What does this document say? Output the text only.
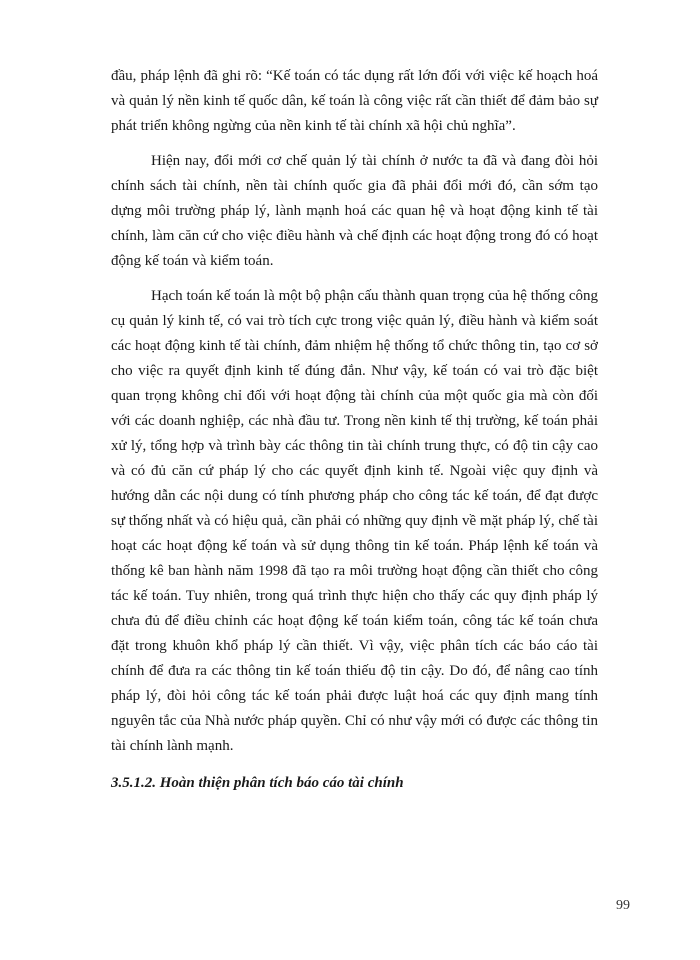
đầu, pháp lệnh đã ghi rõ: “Kế toán có tác dụng rất lớn đối với việc kế hoạch hoá và quản lý nền kinh tế quốc dân, kế toán là công việc rất cần thiết để đảm bảo sự phát triển không ngừng của nền kinh tế tài chính xã hội chủ nghĩa”.

Hiện nay, đổi mới cơ chế quản lý tài chính ở nước ta đã và đang đòi hỏi chính sách tài chính, nền tài chính quốc gia đã phải đổi mới đó, cần sớm tạo dựng môi trường pháp lý, lành mạnh hoá các quan hệ và hoạt động kinh tế tài chính, làm căn cứ cho việc điều hành và chế định các hoạt động trong đó có hoạt động kế toán và kiểm toán.

Hạch toán kế toán là một bộ phận cấu thành quan trọng của hệ thống công cụ quản lý kinh tế, có vai trò tích cực trong việc quản lý, điều hành và kiểm soát các hoạt động kinh tế tài chính, đảm nhiệm hệ thống tổ chức thông tin, tạo cơ sở cho việc ra quyết định kinh tế đúng đắn. Như vậy, kế toán có vai trò đặc biệt quan trọng không chỉ đối với hoạt động tài chính của một quốc gia mà còn đối với các doanh nghiệp, các nhà đầu tư. Trong nền kinh tế thị trường, kế toán phải xử lý, tổng hợp và trình bày các thông tin tài chính trung thực, có độ tin cậy cao và có đủ căn cứ pháp lý cho các quyết định kinh tế. Ngoài việc quy định và hướng dẫn các nội dung có tính phương pháp cho công tác kế toán, để đạt được sự thống nhất và có hiệu quả, cần phải có những quy định về mặt pháp lý, chế tài hoạt các hoạt động kế toán và sử dụng thông tin kế toán. Pháp lệnh kế toán và thống kê ban hành năm 1998 đã tạo ra môi trường hoạt động cần thiết cho công tác kế toán. Tuy nhiên, trong quá trình thực hiện cho thấy các quy định pháp lý chưa đủ để điều chỉnh các hoạt động kế toán kiểm toán, công tác kế toán chưa đặt trong khuôn khổ pháp lý cần thiết. Vì vậy, việc phân tích các báo cáo tài chính để đưa ra các thông tin kế toán thiếu độ tin cậy. Do đó, để nâng cao tính pháp lý, đòi hỏi công tác kế toán phải được luật hoá các quy định mang tính nguyên tắc của Nhà nước pháp quyền. Chỉ có như vậy mới có được các thông tin tài chính lành mạnh.

3.5.1.2. Hoàn thiện phân tích báo cáo tài chính

99
